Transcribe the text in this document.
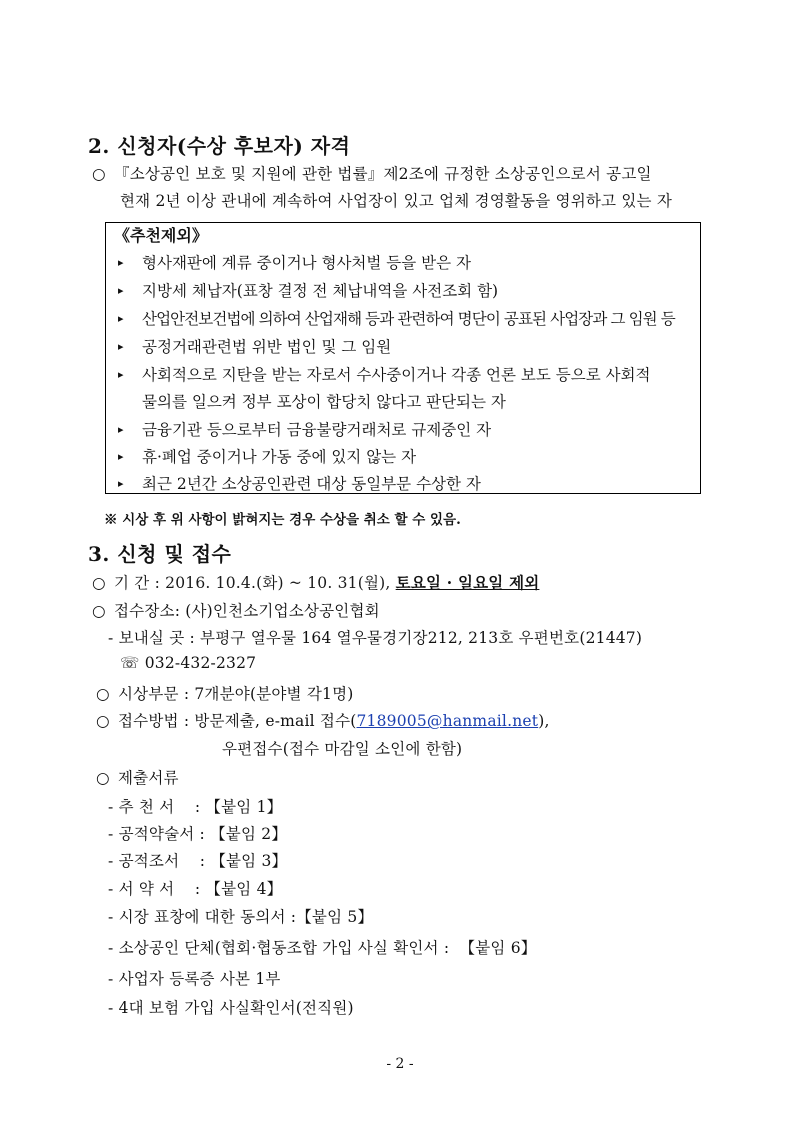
2. 신청자(수상 후보자) 자격
○ 『소상공인 보호 및 지원에 관한 법률』제2조에 규정한 소상공인으로서 공고일
현재 2년 이상 관내에 계속하여 사업장이 있고 업체 경영활동을 영위하고 있는 자
《추천제외》
▸ 형사재판에 계류 중이거나 형사처벌 등을 받은 자
▸ 지방세 체납자(표창 결정 전 체납내역을 사전조회 함)
▸ 산업안전보건법에 의하여 산업재해 등과 관련하여 명단이 공표된 사업장과 그 임원 등
▸ 공정거래관련법 위반 법인 및 그 임원
▸ 사회적으로 지탄을 받는 자로서 수사중이거나 각종 언론 보도 등으로 사회적
물의를 일으켜 정부 포상이 합당치 않다고 판단되는 자
▸ 금융기관 등으로부터 금융불량거래처로 규제중인 자
▸ 휴·폐업 중이거나 가동 중에 있지 않는 자
▸ 최근 2년간 소상공인관련 대상 동일부문 수상한 자
※ 시상 후 위 사항이 밝혀지는 경우 수상을 취소 할 수 있음.
3. 신청 및 접수
○ 기 간 : 2016. 10.4.(화) ~ 10. 31(월), 토요일 · 일요일 제외
○ 접수장소: (사)인천소기업소상공인협회
- 보내실 곳 : 부평구 열우물 164 열우물경기장212, 213호 우편번호(21447)
☏ 032-432-2327
○ 시상부문 : 7개분야(분야별 각1명)
○ 접수방법 : 방문제출, e-mail 접수(7189005@hanmail.net),
우편접수(접수 마감일 소인에 한함)
○ 제출서류
- 추 천 서    : 【붙임 1】
- 공적약술서 : 【붙임 2】
- 공적조서    : 【붙임 3】
- 서 약 서    : 【붙임 4】
- 시장 표창에 대한 동의서 :【붙임 5】
- 소상공인 단체(협회·협동조합 가입 사실 확인서 :  【붙임 6】
- 사업자 등록증 사본 1부
- 4대 보험 가입 사실확인서(전직원)
- 2 -
